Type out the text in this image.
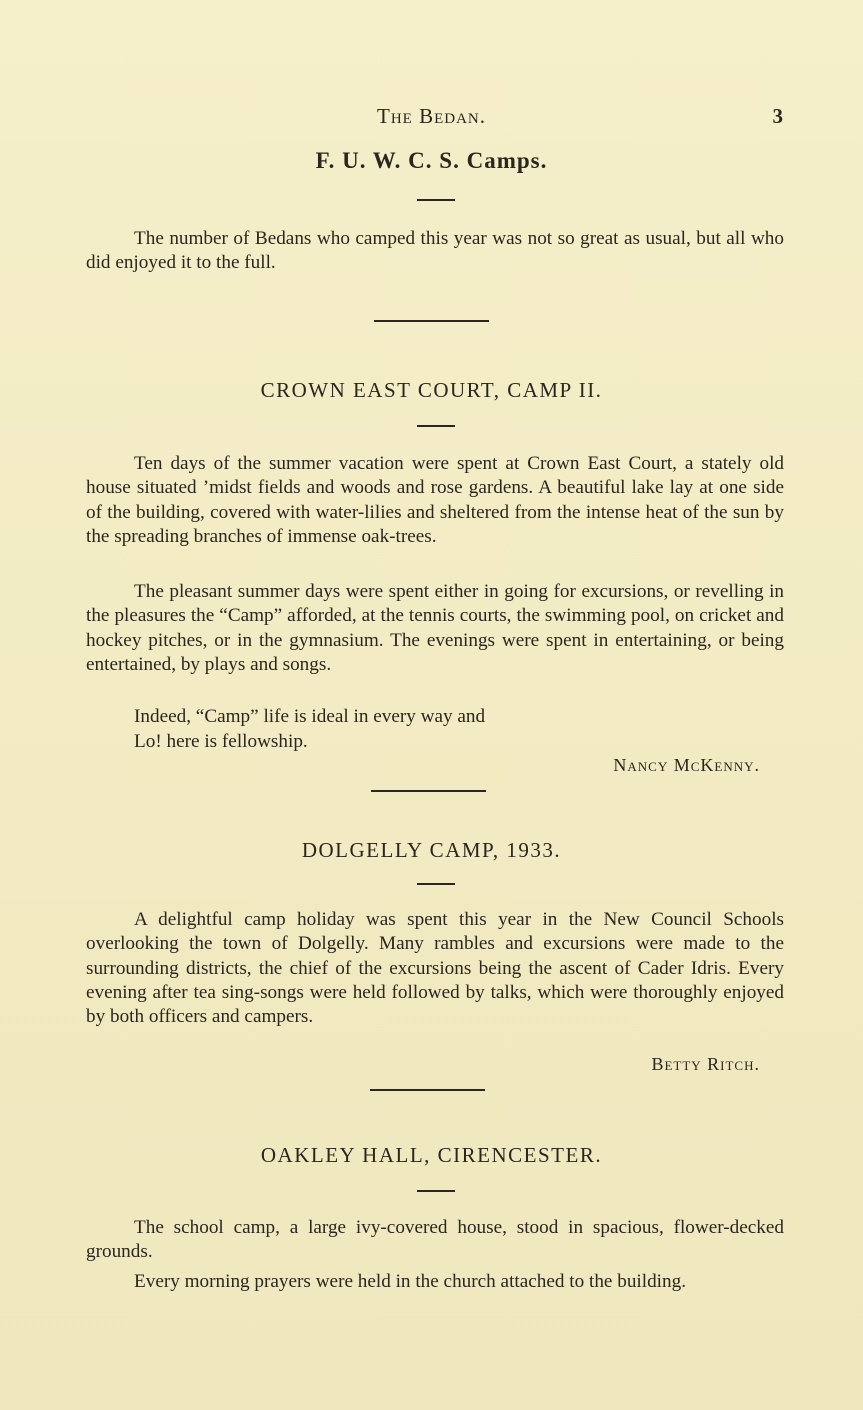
The Bedan.	3
F. U. W. C. S. Camps.

The number of Bedans who camped this year was not so great as usual, but all who did enjoyed it to the full.

CROWN EAST COURT, CAMP II.

Ten days of the summer vacation were spent at Crown East Court, a stately old house situated ’midst fields and woods and rose gardens. A beautiful lake lay at one side of the building, covered with water-lilies and sheltered from the intense heat of the sun by the spreading branches of immense oak-trees.

The pleasant summer days were spent either in going for excursions, or revelling in the pleasures the “Camp” afforded, at the tennis courts, the swimming pool, on cricket and hockey pitches, or in the gymnasium. The evenings were spent in entertaining, or being entertained, by plays and songs.

Indeed, “Camp” life is ideal in every way and

Lo! here is fellowship.

Nancy McKenny.
DOLGELLY CAMP, 1933.

A delightful camp holiday was spent this year in the New Council Schools overlooking the town of Dolgelly. Many rambles and excursions were made to the surrounding districts, the chief of the excursions being the ascent of Cader Idris. Every evening after tea sing-songs were held followed by talks, which were thoroughly enjoyed by both officers and campers.

Betty Ritch.
OAKLEY HALL, CIRENCESTER.

The school camp, a large ivy-covered house, stood in spacious, flower-decked grounds.

Every morning prayers were held in the church attached to the building.
